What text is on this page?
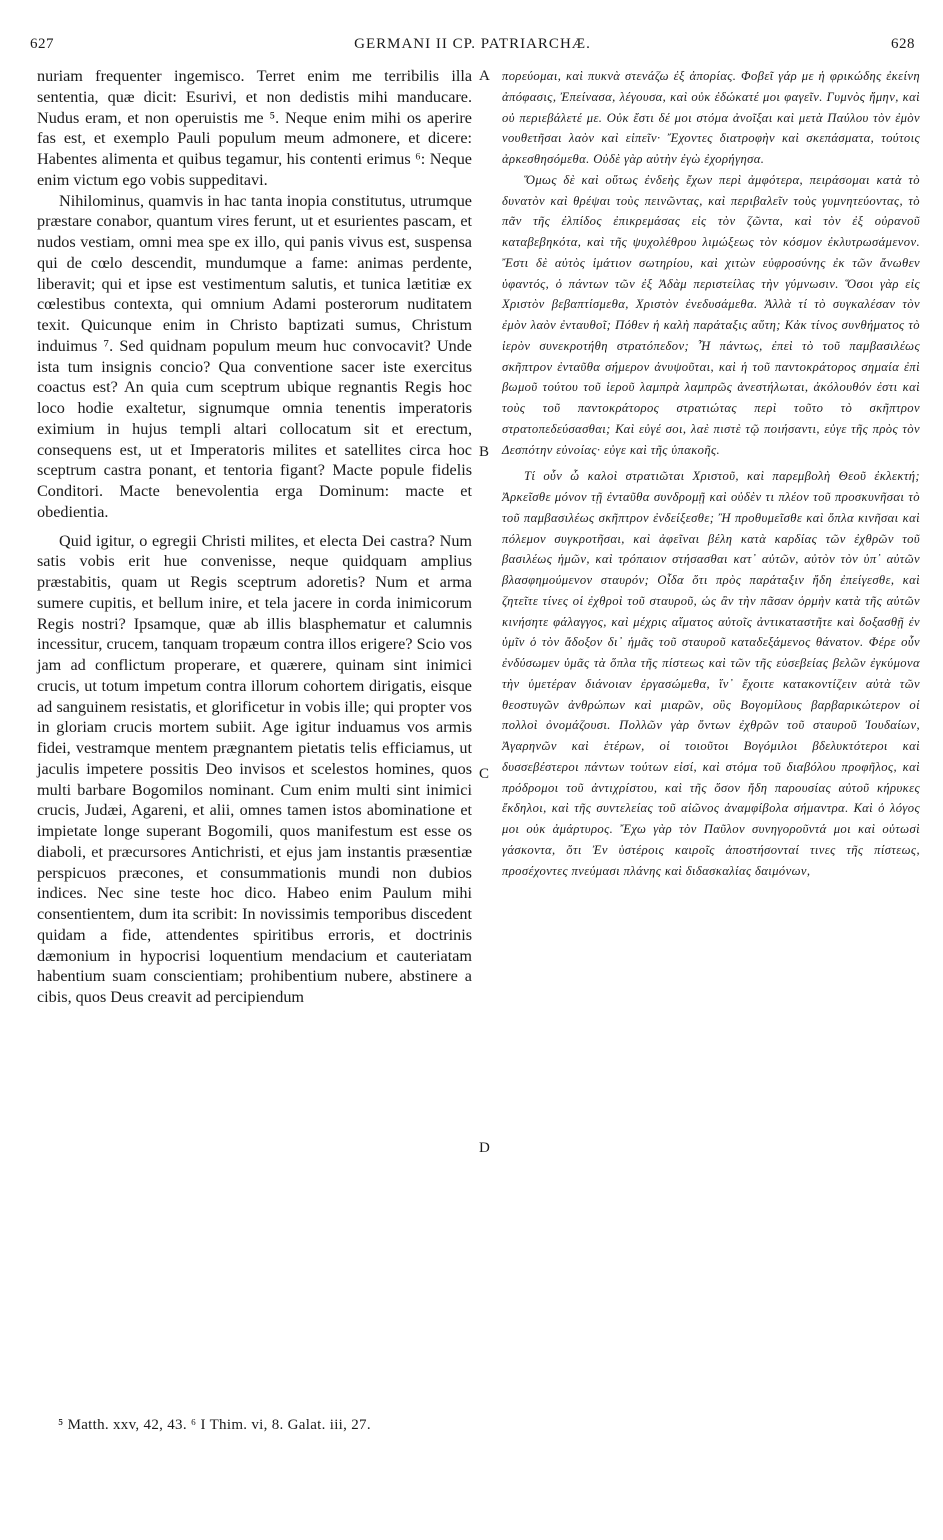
627	GERMANI II CP. PATRIARCHÆ.	628

nuriam frequenter ingemisco. Terret enim me terribilis illa sententia, quæ dicit: Esurivi, et non dedistis mihi manducare. Nudus eram, et non operuistis me ⁵. Neque enim mihi os aperire fas est, et exemplo Pauli populum meum admonere, et dicere: Habentes alimenta et quibus tegamur, his contenti erimus ⁶: Neque enim victum ego vobis suppeditavi.

Nihilominus, quamvis in hac tanta inopia constitutus, utrumque præstare conabor, quantum vires ferunt, ut et esurientes pascam, et nudos vestiam, omni mea spe ex illo, qui panis vivus est, suspensa qui de cœlo descendit, mundumque a fame: animas perdente, liberavit; qui et ipse est vestimentum salutis, et tunica lætitiæ ex cœlestibus contexta, qui omnium Adami posterorum nuditatem texit. Quicunque enim in Christo baptizati sumus, Christum induimus ⁷. Sed quidnam populum meum huc convocavit? Unde ista tum insignis concio? Qua conventione sacer iste exercitus coactus est? An quia cum sceptrum ubique regnantis Regis hoc loco hodie exaltetur, signumque omnia tenentis imperatoris eximium in hujus templi altari collocatum sit et erectum, consequens est, ut et Imperatoris milites et satellites circa hoc sceptrum castra ponant, et tentoria figant? Macte popule fidelis Conditori. Macte benevolentia erga Dominum: macte et obedientia.

Quid igitur, o egregii Christi milites, et electa Dei castra? Num satis vobis erit hue convenisse, neque quidquam amplius præstabitis, quam ut Regis sceptrum adoretis? Num et arma sumere cupitis, et bellum inire, et tela jacere in corda inimicorum Regis nostri? Ipsamque, quæ ab illis blasphematur et calumnis incessitur, crucem, tanquam tropæum contra illos erigere? Scio vos jam ad conflictum properare, et quærere, quinam sint inimici crucis, ut totum impetum contra illorum cohortem dirigatis, eisque ad sanguinem resistatis, et glorificetur in vobis ille; qui propter vos in gloriam crucis mortem subiit. Age igitur induamus vos armis fidei, vestramque mentem prægnantem pietatis telis efficiamus, ut jaculis impetere possitis Deo invisos et scelestos homines, quos multi barbare Bogomilos nominant. Cum enim multi sint inimici crucis, Judæi, Agareni, et alii, omnes tamen istos abominatione et impietate longe superant Bogomili, quos manifestum est esse os diaboli, et præcursores Antichristi, et ejus jam instantis præsentiæ perspicuos præcones, et consummationis mundi non dubios indices. Nec sine teste hoc dico. Habeo enim Paulum mihi consentientem, dum ita scribit: In novissimis temporibus discedent quidam a fide, attendentes spiritibus erroris, et doctrinis dæmonium in hypocrisi loquentium mendacium et cauteriatam habentium suam conscientiam; prohibentium nubere, abstinere a cibis, quos Deus creavit ad percipiendum

A
B
C
D

πορεύομαι, καὶ πυκνὰ στενάζω ἐξ ἀπορίας. Φοβεῖ γάρ με ἡ φρικώδης ἐκείνη ἀπόφασις, Ἐπείνασα, λέγουσα, καὶ οὐκ ἐδώκατέ μοι φαγεῖν. Γυμνὸς ἤμην, καὶ οὐ περιεβάλετέ με. Οὐκ ἔστι δέ μοι στόμα ἀνοῖξαι καὶ μετὰ Παύλου τὸν ἐμὸν νουθετῆσαι λαὸν καὶ εἰπεῖν· Ἔχοντες διατροφὴν καὶ σκεπάσματα, τούτοις ἀρκεσθησόμεθα. Οὐδὲ γὰρ αὐτὴν ἐγὼ ἐχορήγησα.

Ὅμως δὲ καὶ οὕτως ἐνδεὴς ἔχων περὶ ἀμφότερα, πειράσομαι κατὰ τὸ δυνατὸν καὶ θρέψαι τοὺς πεινῶντας, καὶ περιβαλεῖν τοὺς γυμνητεύοντας, τὸ πᾶν τῆς ἐλπίδος ἐπικρεμάσας εἰς τὸν ζῶντα, καὶ τὸν ἐξ οὐρανοῦ καταβεβηκότα, καὶ τῆς ψυχολέθρου λιμώξεως τὸν κόσμον ἐκλυτρωσάμενον. Ἔστι δὲ αὐτὸς ἱμάτιον σωτηρίου, καὶ χιτὼν εὐφροσύνης ἐκ τῶν ἄνωθεν ὑφαντός, ὁ πάντων τῶν ἐξ Ἀδὰμ περιστείλας τὴν γύμνωσιν. Ὅσοι γὰρ εἰς Χριστὸν βεβαπτίσμεθα, Χριστὸν ἐνεδυσάμεθα. Ἀλλὰ τί τὸ συγκαλέσαν τὸν ἐμὸν λαὸν ἐνταυθοῖ; Πόθεν ἡ καλὴ παράταξις αὕτη; Κἀκ τίνος συνθήματος τὸ ἱερὸν συνεκροτήθη στρατόπεδον; Ἦ πάντως, ἐπεὶ τὸ τοῦ παμβασιλέως σκῆπτρον ἐνταῦθα σήμερον ἀνυψοῦται, καὶ ἡ τοῦ παντοκράτορος σημαία ἐπὶ βωμοῦ τούτου τοῦ ἱεροῦ λαμπρὰ λαμπρῶς ἀνεστήλωται, ἀκόλουθόν ἐστι καὶ τοὺς τοῦ παντοκράτορος στρατιώτας περὶ τοῦτο τὸ σκῆπτρον στρατοπεδεύσασθαι; Καὶ εὐγέ σοι, λαὲ πιστὲ τῷ ποιήσαντι, εὐγε τῆς πρὸς τὸν Δεσπότην εὐνοίας· εὐγε καὶ τῆς ὑπακοῆς.

Τί οὖν ὦ καλοὶ στρατιῶται Χριστοῦ, καὶ παρεμβολὴ Θεοῦ ἐκλεκτή; Ἀρκεῖσθε μόνον τῇ ἐνταῦθα συνδρομῇ καὶ οὐδὲν τι πλέον τοῦ προσκυνῆσαι τὸ τοῦ παμβασιλέως σκῆπτρον ἐνδείξεσθε; Ἢ προθυμεῖσθε καὶ ὅπλα κινῆσαι καὶ πόλεμον συγκροτῆσαι, καὶ ἀφεῖναι βέλη κατὰ καρδίας τῶν ἐχθρῶν τοῦ βασιλέως ἡμῶν, καὶ τρόπαιον στήσασθαι κατ᾽ αὐτῶν, αὐτὸν τὸν ὑπ᾽ αὐτῶν βλασφημούμενον σταυρόν; Οἶδα ὅτι πρὸς παράταξιν ἤδη ἐπείγεσθε, καὶ ζητεῖτε τίνες οἱ ἐχθροὶ τοῦ σταυροῦ, ὡς ἂν τὴν πᾶσαν ὁρμὴν κατὰ τῆς αὐτῶν κινήσητε φάλαγγος, καὶ μέχρις αἵματος αὐτοῖς ἀντικαταστῆτε καὶ δοξασθῇ ἐν ὑμῖν ὁ τὸν ἄδοξον δι᾽ ἡμᾶς τοῦ σταυροῦ καταδεξάμενος θάνατον. Φέρε οὖν ἐνδύσωμεν ὑμᾶς τὰ ὅπλα τῆς πίστεως καὶ τῶν τῆς εὐσεβείας βελῶν ἐγκύμονα τὴν ὑμετέραν διάνοιαν ἐργασώμεθα, ἵν᾽ ἔχοιτε κατακοντίζειν αὐτὰ τῶν θεοστυγῶν ἀνθρώπων καὶ μιαρῶν, οὓς Βογομίλους βαρβαρικώτερον οἱ πολλοὶ ὀνομάζουσι. Πολλῶν γὰρ ὄντων ἐχθρῶν τοῦ σταυροῦ Ἰουδαίων, Ἀγαρηνῶν καὶ ἑτέρων, οἱ τοιοῦτοι Βογόμιλοι βδελυκτότεροι καὶ δυσσεβέστεροι πάντων τούτων εἰσί, καὶ στόμα τοῦ διαβόλου προφῆλος, καὶ πρόδρομοι τοῦ ἀντιχρίστου, καὶ τῆς ὅσον ἤδη παρουσίας αὐτοῦ κήρυκες ἔκδηλοι, καὶ τῆς συντελείας τοῦ αἰῶνος ἀναμφίβολα σήμαντρα. Καὶ ὁ λόγος μοι οὐκ ἀμάρτυρος. Ἔχω γὰρ τὸν Παῦλον συνηγοροῦντά μοι καὶ οὑτωσὶ γάσκοντα, ὅτι Ἐν ὑστέροις καιροῖς ἀποστήσονταί τινες τῆς πίστεως, προσέχοντες πνεύμασι πλάνης καὶ διδασκαλίας δαιμόνων,

⁵ Matth. xxv, 42, 43. ⁶ I Thim. vi, 8. Galat. iii, 27.
